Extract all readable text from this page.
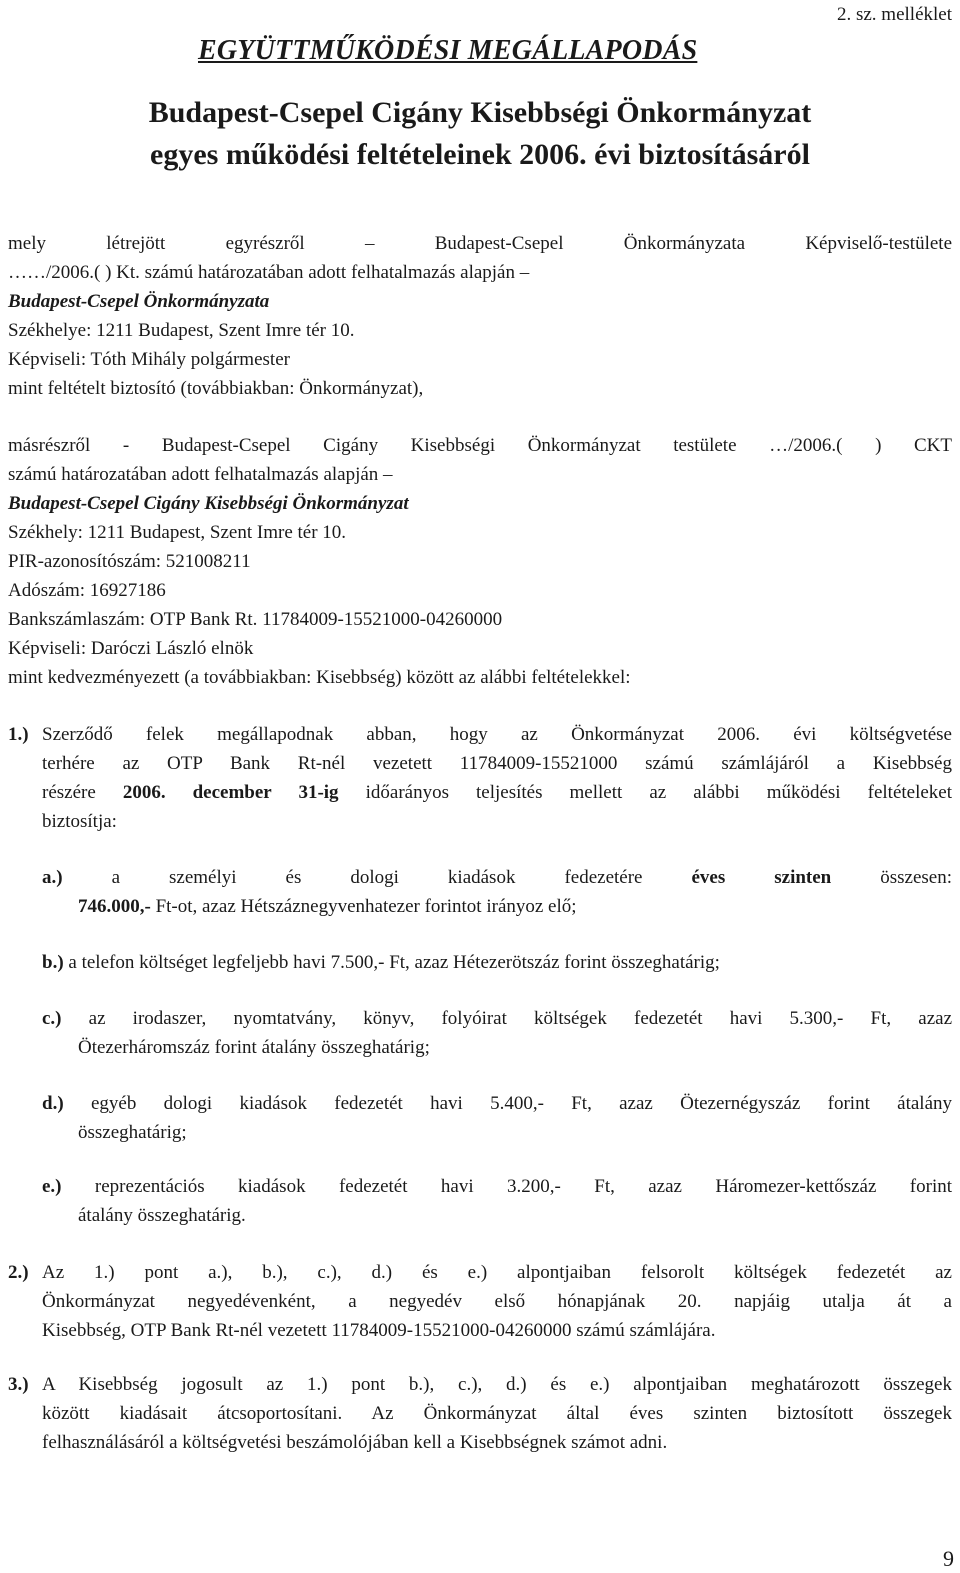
2. sz. melléklet
EGYÜTTMŰKÖDÉSI MEGÁLLAPODÁS
Budapest-Csepel Cigány Kisebbségi Önkormányzat
egyes működési feltételeinek 2006. évi biztosításáról
mely létrejött egyrészről – Budapest-Csepel Önkormányzata Képviselő-testülete
……/2006.( ) Kt. számú határozatában adott felhatalmazás alapján –
Budapest-Csepel Önkormányzata
Székhelye: 1211 Budapest, Szent Imre tér 10.
Képviseli: Tóth Mihály polgármester
mint feltételt biztosító (továbbiakban: Önkormányzat),
másrészről - Budapest-Csepel Cigány Kisebbségi Önkormányzat testülete …/2006.( ) CKT
számú határozatában adott felhatalmazás alapján –
Budapest-Csepel Cigány Kisebbségi Önkormányzat
Székhely: 1211 Budapest, Szent Imre tér 10.
PIR-azonosítószám: 521008211
Adószám: 16927186
Bankszámlaszám: OTP Bank Rt. 11784009-15521000-04260000
Képviseli: Daróczi László elnök
mint kedvezményezett (a továbbiakban: Kisebbség) között az alábbi feltételekkel:
1.) Szerződő felek megállapodnak abban, hogy az Önkormányzat 2006. évi költségvetése
terhére az OTP Bank Rt-nél vezetett 11784009-15521000 számú számlájáról a Kisebbség
részére 2006. december 31-ig időarányos teljesítés mellett az alábbi működési feltételeket
biztosítja:
a.)	a személyi és dologi kiadások fedezetére éves szinten összesen:
746.000,- Ft-ot, azaz Hétszáznegyvenhatezer forintot irányoz elő;
b.) a telefon költséget legfeljebb havi 7.500,- Ft, azaz Hétezerötszáz forint összeghatárig;
c.) az irodaszer, nyomtatvány, könyv, folyóirat költségek fedezetét havi 5.300,- Ft, azaz
Ötezerháromszáz forint átalány összeghatárig;
d.) egyéb dologi kiadások fedezetét havi 5.400,- Ft, azaz Ötezernégyszáz forint átalány
összeghatárig;
e.) reprezentációs kiadások fedezetét havi 3.200,- Ft, azaz Háromezer-kettőszáz forint
átalány összeghatárig.
2.) Az 1.) pont a.), b.), c.), d.) és e.) alpontjaiban felsorolt költségek fedezetét az
Önkormányzat negyedévenként, a negyedév első hónapjának 20. napjáig utalja át a
Kisebbség, OTP Bank Rt-nél vezetett 11784009-15521000-04260000 számú számlájára.
3.) A Kisebbség jogosult az 1.) pont b.), c.), d.) és e.) alpontjaiban meghatározott összegek
között kiadásait átcsoportosítani. Az Önkormányzat által éves szinten biztosított összegek
felhasználásáról a költségvetési beszámolójában kell a Kisebbségnek számot adni.
9
